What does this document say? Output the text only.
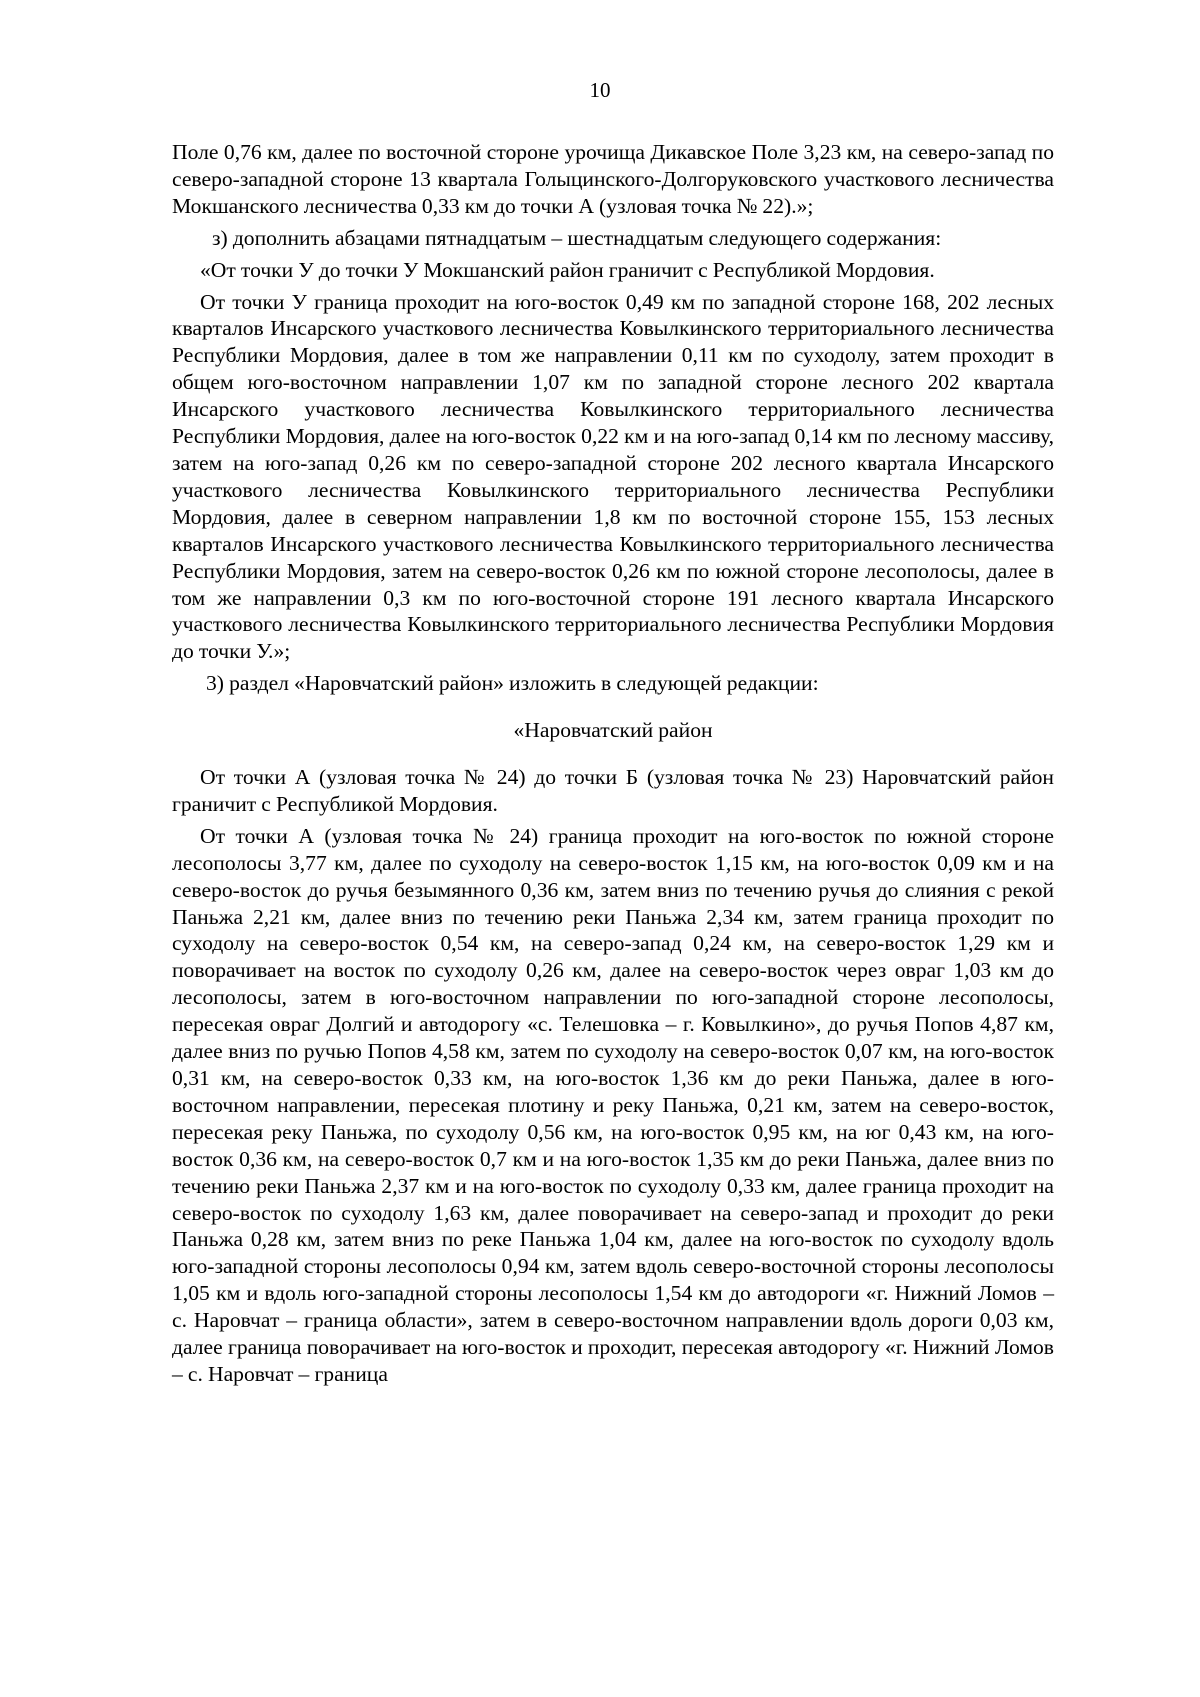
10

Поле 0,76 км, далее по восточной стороне урочища Дикавское Поле 3,23 км, на северо-запад по северо-западной стороне 13 квартала Голыцинского-Долгоруковского участкового лесничества Мокшанского лесничества 0,33 км до точки А (узловая точка № 22).»;

з) дополнить абзацами пятнадцатым – шестнадцатым следующего содержания:

«От точки У до точки У Мокшанский район граничит с Республикой Мордовия.

От точки У граница проходит на юго-восток 0,49 км по западной стороне 168, 202 лесных кварталов Инсарского участкового лесничества Ковылкинского территориального лесничества Республики Мордовия, далее в том же направлении 0,11 км по суходолу, затем проходит в общем юго-восточном направлении 1,07 км по западной стороне лесного 202 квартала Инсарского участкового лесничества Ковылкинского территориального лесничества Республики Мордовия, далее на юго-восток 0,22 км и на юго-запад 0,14 км по лесному массиву, затем на юго-запад 0,26 км по северо-западной стороне 202 лесного квартала Инсарского участкового лесничества Ковылкинского территориального лесничества Республики Мордовия, далее в северном направлении 1,8 км по восточной стороне 155, 153 лесных кварталов Инсарского участкового лесничества Ковылкинского территориального лесничества Республики Мордовия, затем на северо-восток 0,26 км по южной стороне лесополосы, далее в том же направлении 0,3 км по юго-восточной стороне 191 лесного квартала Инсарского участкового лесничества Ковылкинского территориального лесничества Республики Мордовия до точки У.»;

3) раздел «Наровчатский район» изложить в следующей редакции:

«Наровчатский район

От точки А (узловая точка № 24) до точки Б (узловая точка № 23) Наровчатский район граничит с Республикой Мордовия.

От точки А (узловая точка № 24) граница проходит на юго-восток по южной стороне лесополосы 3,77 км, далее по суходолу на северо-восток 1,15 км, на юго-восток 0,09 км и на северо-восток до ручья безымянного 0,36 км, затем вниз по течению ручья до слияния с рекой Паньжа 2,21 км, далее вниз по течению реки Паньжа 2,34 км, затем граница проходит по суходолу на северо-восток 0,54 км, на северо-запад 0,24 км, на северо-восток 1,29 км и поворачивает на восток по суходолу 0,26 км, далее на северо-восток через овраг 1,03 км до лесополосы, затем в юго-восточном направлении по юго-западной стороне лесополосы, пересекая овраг Долгий и автодорогу «с. Телешовка – г. Ковылкино», до ручья Попов 4,87 км, далее вниз по ручью Попов 4,58 км, затем по суходолу на северо-восток 0,07 км, на юго-восток 0,31 км, на северо-восток 0,33 км, на юго-восток 1,36 км до реки Паньжа, далее в юго-восточном направлении, пересекая плотину и реку Паньжа, 0,21 км, затем на северо-восток, пересекая реку Паньжа, по суходолу 0,56 км, на юго-восток 0,95 км, на юг 0,43 км, на юго-восток 0,36 км, на северо-восток 0,7 км и на юго-восток 1,35 км до реки Паньжа, далее вниз по течению реки Паньжа 2,37 км и на юго-восток по суходолу 0,33 км, далее граница проходит на северо-восток по суходолу 1,63 км, далее поворачивает на северо-запад и проходит до реки Паньжа 0,28 км, затем вниз по реке Паньжа 1,04 км, далее на юго-восток по суходолу вдоль юго-западной стороны лесополосы 0,94 км, затем вдоль северо-восточной стороны лесополосы 1,05 км и вдоль юго-западной стороны лесополосы 1,54 км до автодороги «г. Нижний Ломов – с. Наровчат – граница области», затем в северо-восточном направлении вдоль дороги 0,03 км, далее граница поворачивает на юго-восток и проходит, пересекая автодорогу «г. Нижний Ломов – с. Наровчат – граница
